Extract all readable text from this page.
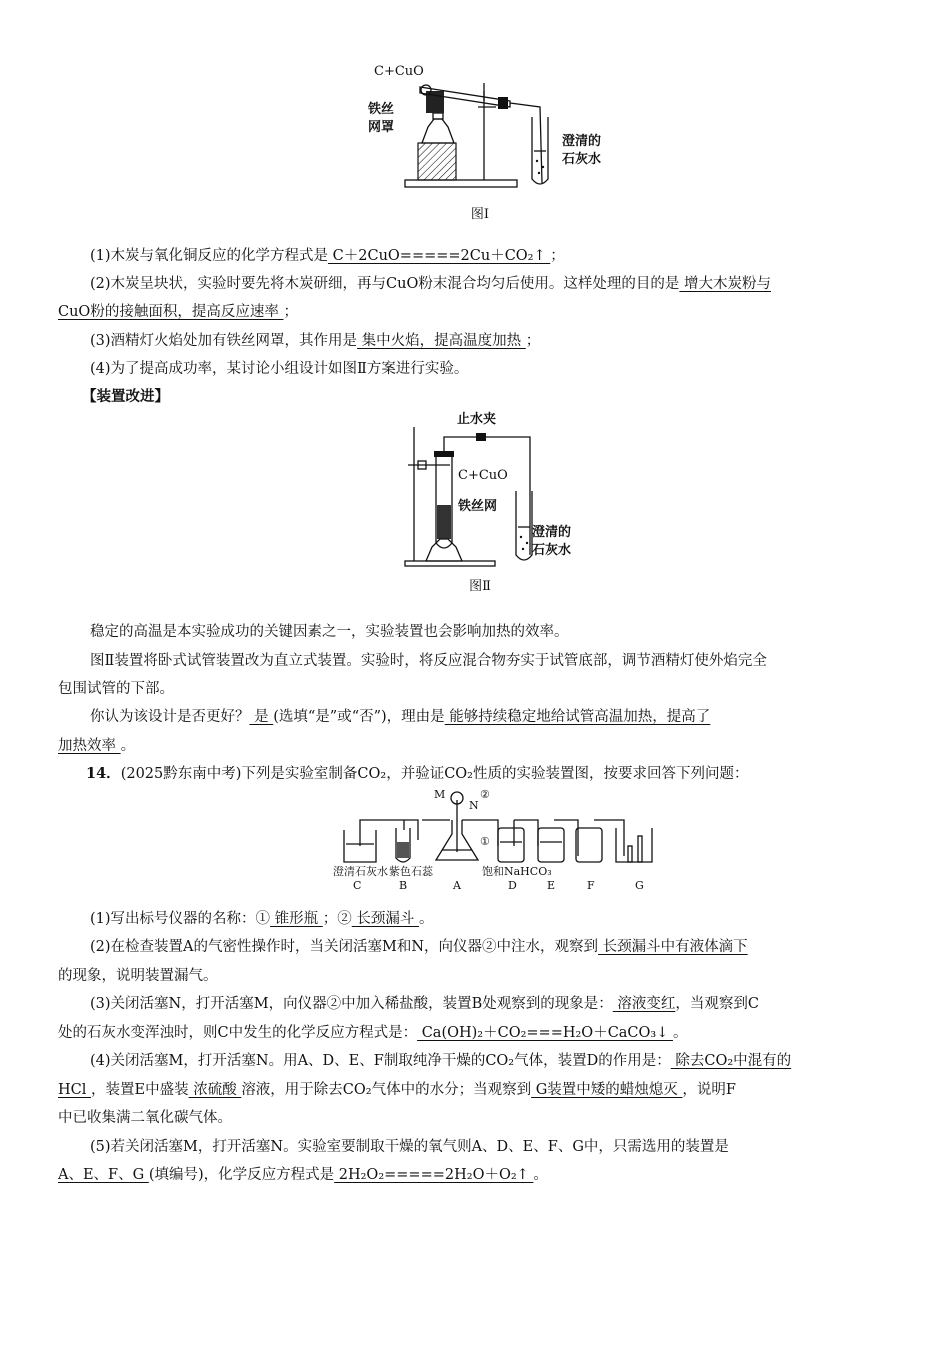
C+CuO
铁丝
网罩
澄清的
石灰水
图Ⅰ
(1)木炭与氧化铜反应的化学方程式是 C＋2CuO=====2Cu＋CO₂↑ ；
(2)木炭呈块状，实验时要先将木炭研细，再与CuO粉末混合均匀后使用。这样处理的目的是 增大木炭粉与
CuO粉的接触面积，提高反应速率 ；
(3)酒精灯火焰处加有铁丝网罩，其作用是 集中火焰，提高温度加热 ；
(4)为了提高成功率，某讨论小组设计如图Ⅱ方案进行实验。
【装置改进】
止水夹
C+CuO
铁丝网
澄清的
石灰水
图Ⅱ
稳定的高温是本实验成功的关键因素之一，实验装置也会影响加热的效率。
图Ⅱ装置将卧式试管装置改为直立式装置。实验时，将反应混合物夯实于试管底部，调节酒精灯使外焰完全
包围试管的下部。
你认为该设计是否更好？ 是 (选填“是”或“否”)，理由是 能够持续稳定地给试管高温加热，提高了
加热效率 。
14．(2025黔东南中考)下列是实验室制备CO₂，并验证CO₂性质的实验装置图，按要求回答下列问题：
M
N
②
①
澄清石灰水 紫色石蕊	饱和NaHCO₃
C	B	A	D	E	F	G
(1)写出标号仪器的名称：① 锥形瓶 ；② 长颈漏斗 。
(2)在检查装置A的气密性操作时，当关闭活塞M和N，向仪器②中注水，观察到 长颈漏斗中有液体滴下
的现象，说明装置漏气。
(3)关闭活塞N，打开活塞M，向仪器②中加入稀盐酸，装置B处观察到的现象是： 溶液变红，当观察到C
处的石灰水变浑浊时，则C中发生的化学反应方程式是： Ca(OH)₂＋CO₂===H₂O＋CaCO₃↓ 。
(4)关闭活塞M，打开活塞N。用A、D、E、F制取纯净干燥的CO₂气体，装置D的作用是： 除去CO₂中混有的
HCl ，装置E中盛装 浓硫酸 溶液，用于除去CO₂气体中的水分；当观察到 G装置中矮的蜡烛熄灭 ，说明F
中已收集满二氧化碳气体。
(5)若关闭活塞M，打开活塞N。实验室要制取干燥的氧气则A、D、E、F、G中，只需选用的装置是
A、E、F、G (填编号)，化学反应方程式是 2H₂O₂=====2H₂O＋O₂↑ 。
